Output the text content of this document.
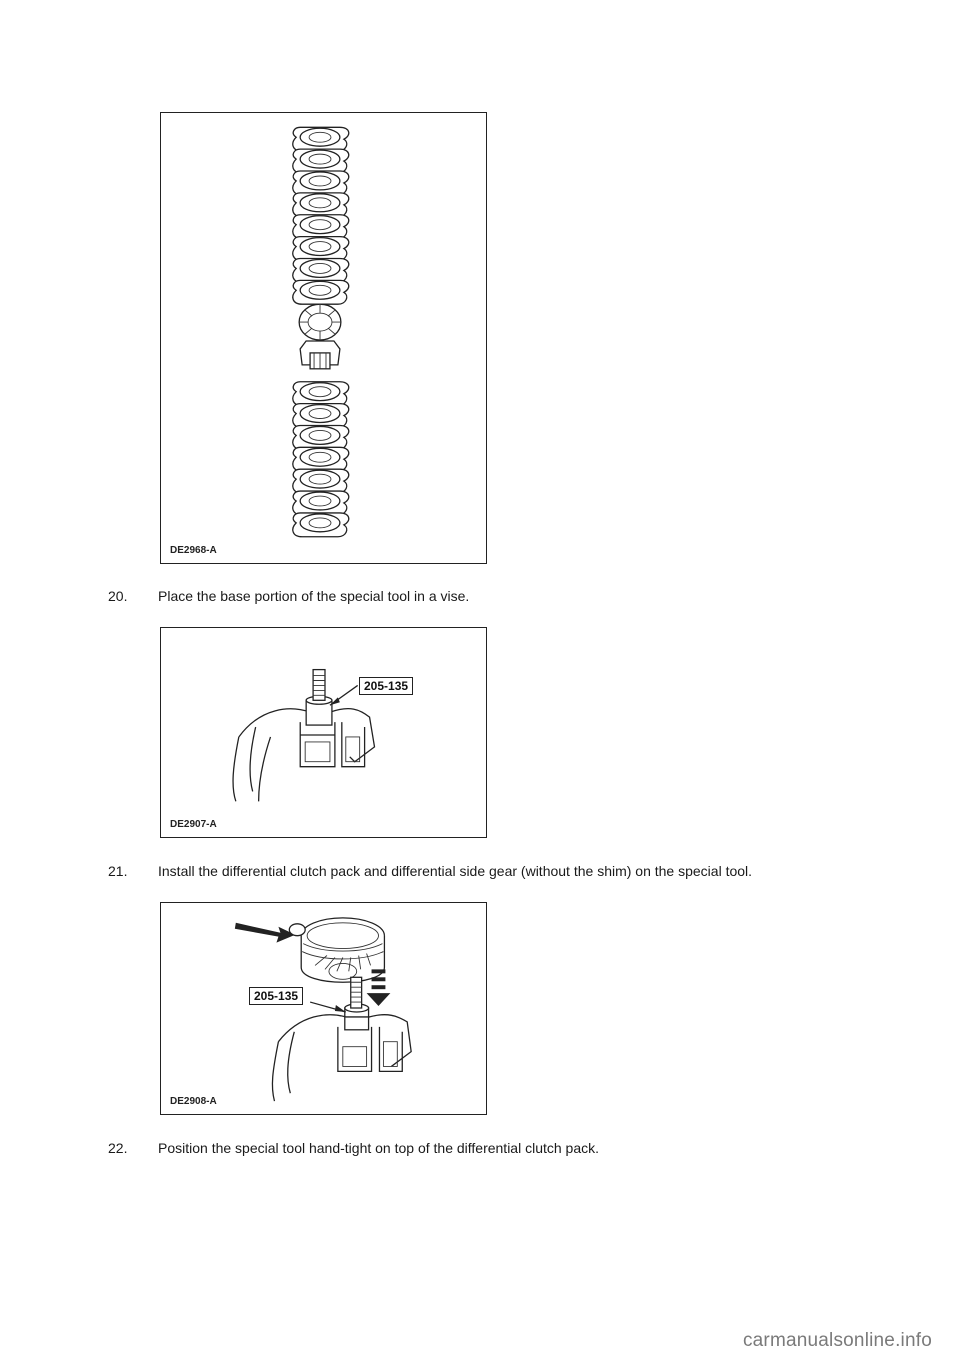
DE2968-A
20.	Place the base portion of the special tool in a vise.
205-135
DE2907-A
21.	Install the differential clutch pack and differential side gear (without the shim) on the special tool.
205-135
DE2908-A
22.	Position the special tool hand-tight on top of the differential clutch pack.
carmanualsonline.info
